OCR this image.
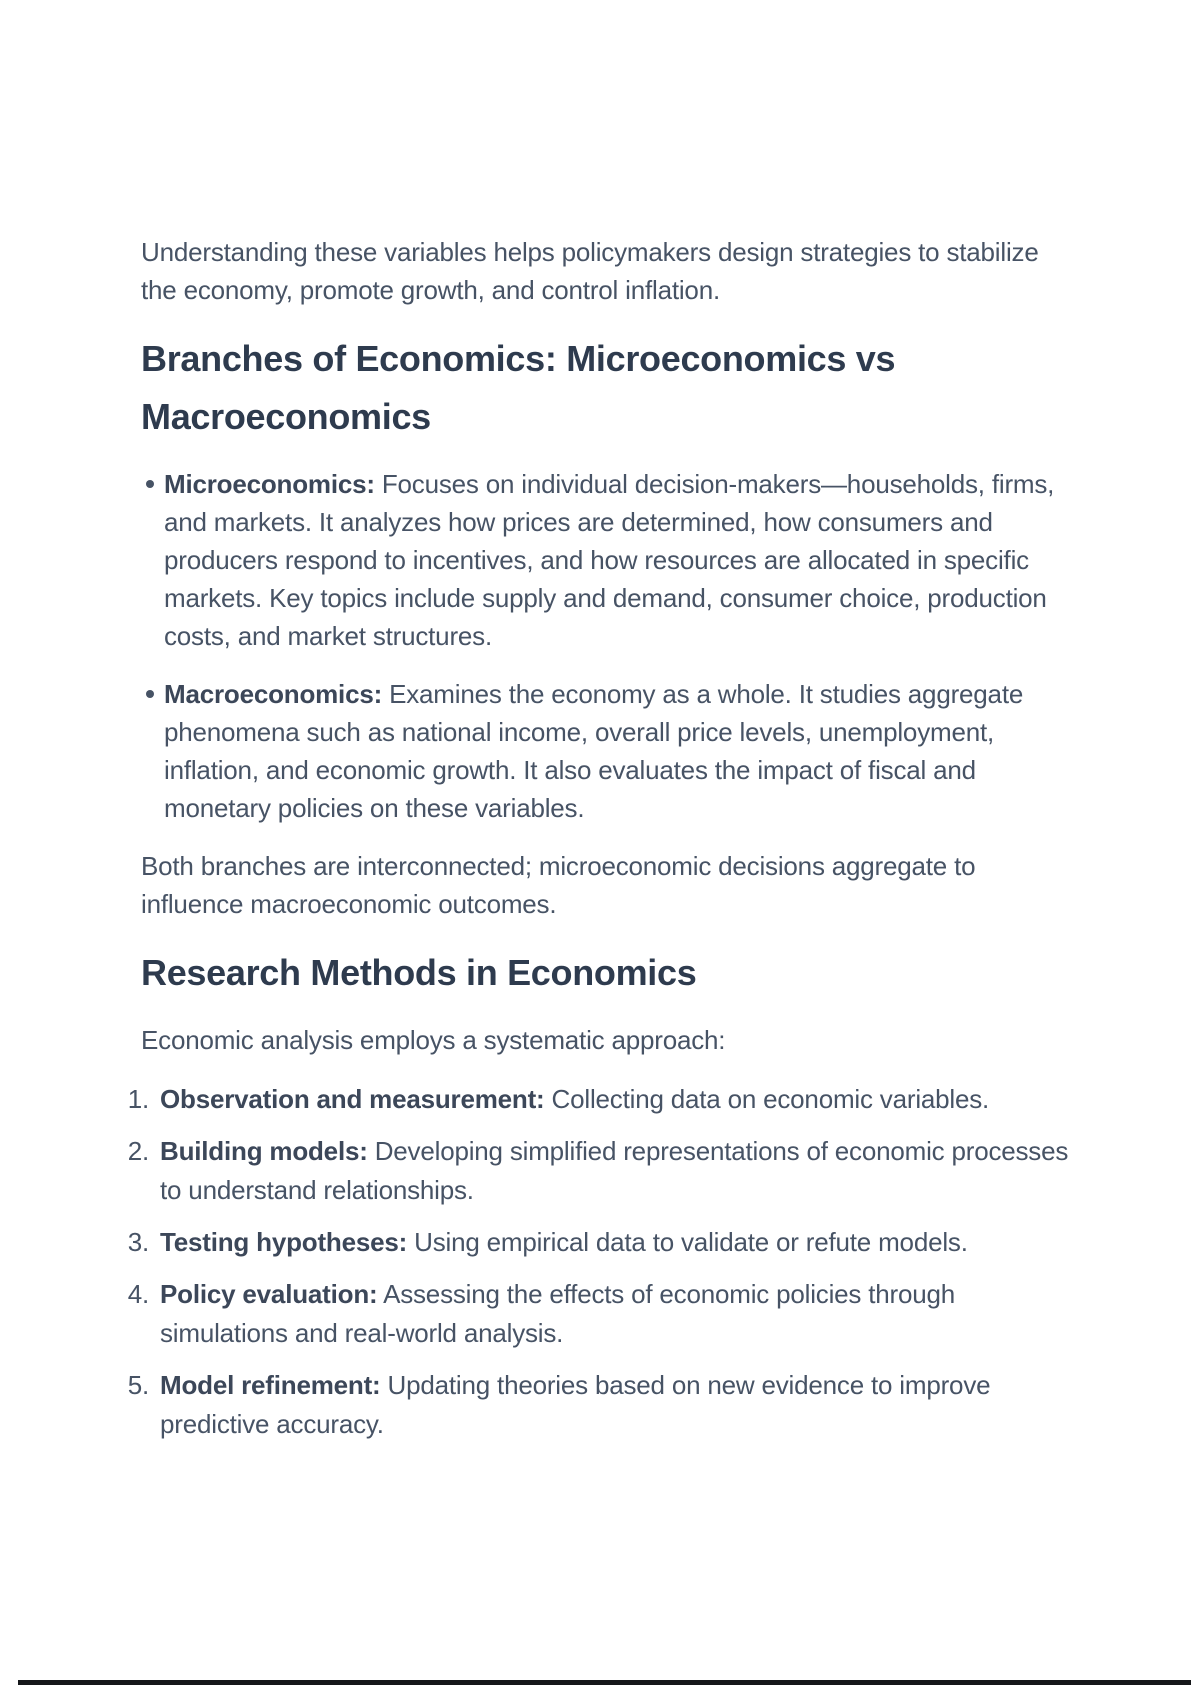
Understanding these variables helps policymakers design strategies to stabilize the economy, promote growth, and control inflation.

Branches of Economics: Microeconomics vs Macroeconomics
Microeconomics: Focuses on individual decision-makers—households, firms, and markets. It analyzes how prices are determined, how consumers and producers respond to incentives, and how resources are allocated in specific markets. Key topics include supply and demand, consumer choice, production costs, and market structures.
Macroeconomics: Examines the economy as a whole. It studies aggregate phenomena such as national income, overall price levels, unemployment, inflation, and economic growth. It also evaluates the impact of fiscal and monetary policies on these variables.

Both branches are interconnected; microeconomic decisions aggregate to influence macroeconomic outcomes.

Research Methods in Economics

Economic analysis employs a systematic approach:

1. Observation and measurement: Collecting data on economic variables.
2. Building models: Developing simplified representations of economic processes to understand relationships.
3. Testing hypotheses: Using empirical data to validate or refute models.
4. Policy evaluation: Assessing the effects of economic policies through simulations and real-world analysis.
5. Model refinement: Updating theories based on new evidence to improve predictive accuracy.
